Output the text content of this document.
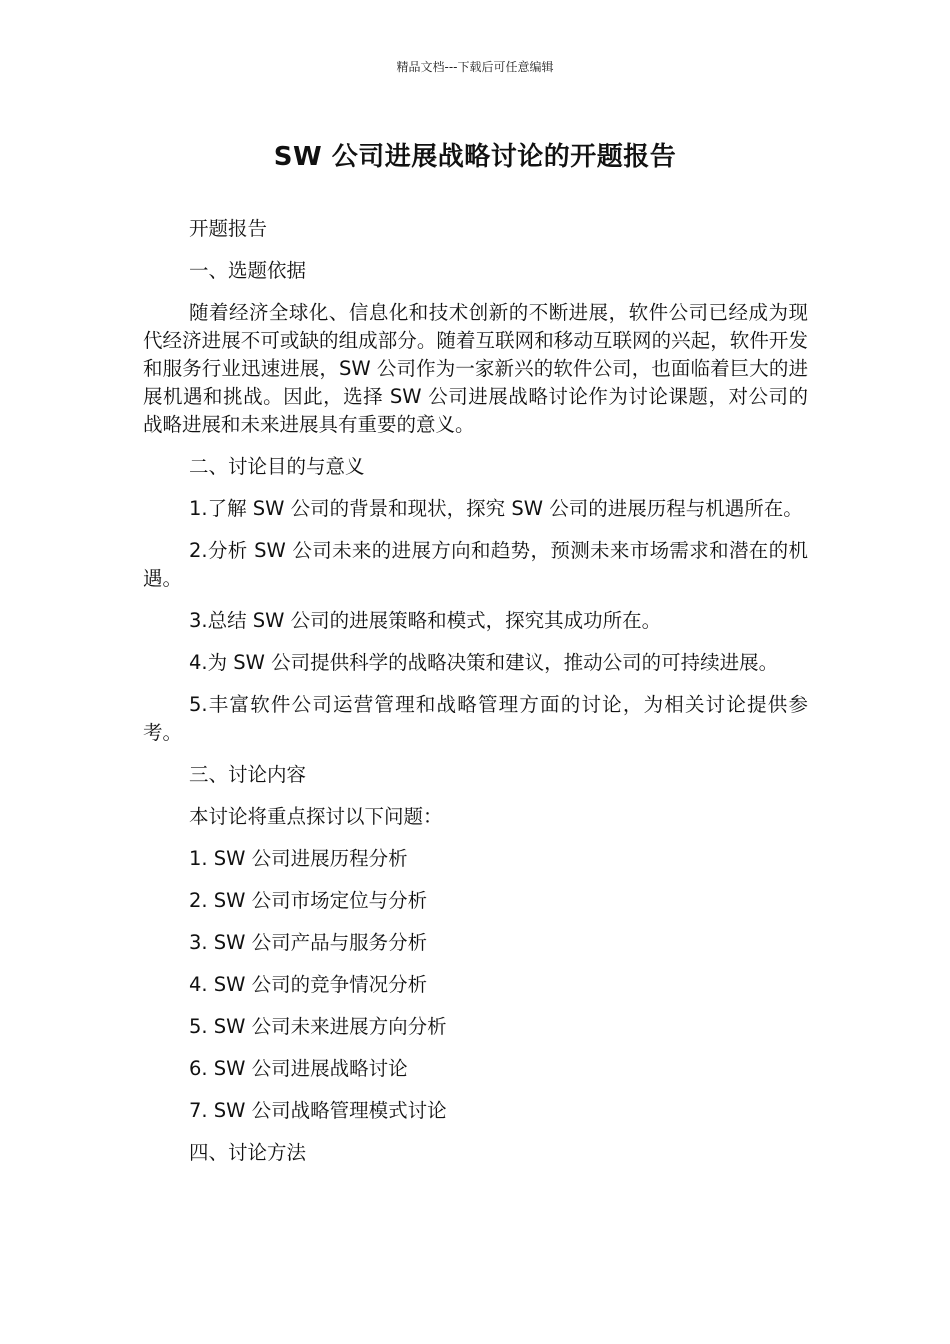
精品文档---下载后可任意编辑
SW 公司进展战略讨论的开题报告

开题报告

一、选题依据

随着经济全球化、信息化和技术创新的不断进展，软件公司已经成为现代经济进展不可或缺的组成部分。随着互联网和移动互联网的兴起，软件开发和服务行业迅速进展，SW 公司作为一家新兴的软件公司，也面临着巨大的进展机遇和挑战。因此，选择 SW 公司进展战略讨论作为讨论课题，对公司的战略进展和未来进展具有重要的意义。

二、讨论目的与意义

1.了解 SW 公司的背景和现状，探究 SW 公司的进展历程与机遇所在。

2.分析 SW 公司未来的进展方向和趋势，预测未来市场需求和潜在的机遇。

3.总结 SW 公司的进展策略和模式，探究其成功所在。

4.为 SW 公司提供科学的战略决策和建议，推动公司的可持续进展。

5.丰富软件公司运营管理和战略管理方面的讨论，为相关讨论提供参考。

三、讨论内容

本讨论将重点探讨以下问题：

1. SW 公司进展历程分析

2. SW 公司市场定位与分析

3. SW 公司产品与服务分析

4. SW 公司的竞争情况分析

5. SW 公司未来进展方向分析

6. SW 公司进展战略讨论

7. SW 公司战略管理模式讨论

四、讨论方法
